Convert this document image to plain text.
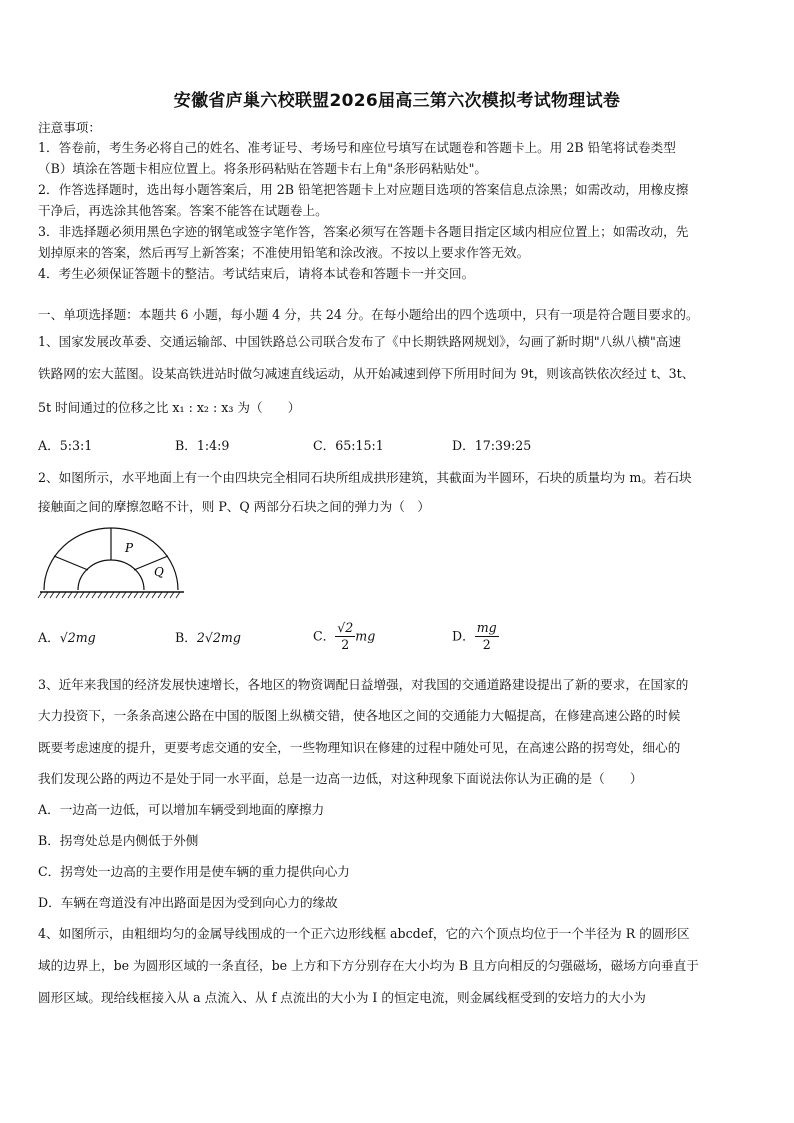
安徽省庐巢六校联盟2026届高三第六次模拟考试物理试卷
注意事项：
1．答卷前，考生务必将自己的姓名、准考证号、考场号和座位号填写在试题卷和答题卡上。用 2B 铅笔将试卷类型
（B）填涂在答题卡相应位置上。将条形码粘贴在答题卡右上角"条形码粘贴处"。
2．作答选择题时，选出每小题答案后，用 2B 铅笔把答题卡上对应题目选项的答案信息点涂黑；如需改动，用橡皮擦
干净后，再选涂其他答案。答案不能答在试题卷上。
3．非选择题必须用黑色字迹的钢笔或签字笔作答，答案必须写在答题卡各题目指定区域内相应位置上；如需改动，先
划掉原来的答案，然后再写上新答案；不准使用铅笔和涂改液。不按以上要求作答无效。
4．考生必须保证答题卡的整洁。考试结束后，请将本试卷和答题卡一并交回。
一、单项选择题：本题共 6 小题，每小题 4 分，共 24 分。在每小题给出的四个选项中，只有一项是符合题目要求的。
1、国家发展改革委、交通运输部、中国铁路总公司联合发布了《中长期铁路网规划》，勾画了新时期"八纵八横"高速
铁路网的宏大蓝图。设某高铁进站时做匀减速直线运动，从开始减速到停下所用时间为 9t，则该高铁依次经过 t、3t、
5t 时间通过的位移之比 x₁ : x₂ : x₃ 为（　　）
A．5:3:1	B．1:4:9	C．65:15:1	D．17:39:25
2、如图所示，水平地面上有一个由四块完全相同石块所组成拱形建筑，其截面为半圆环，石块的质量均为 m。若石块
接触面之间的摩擦忽略不计，则 P、Q 两部分石块之间的弹力为（　）
P
Q
A．√2mg	B．2√2mg	C． $\frac{√2}{2}$ mg	D． $\frac{mg}{2}$
3、近年来我国的经济发展快速增长，各地区的物资调配日益增强，对我国的交通道路建设提出了新的要求，在国家的
大力投资下，一条条高速公路在中国的版图上纵横交错，使各地区之间的交通能力大幅提高，在修建高速公路的时候
既要考虑速度的提升，更要考虑交通的安全，一些物理知识在修建的过程中随处可见，在高速公路的拐弯处，细心的
我们发现公路的两边不是处于同一水平面，总是一边高一边低，对这种现象下面说法你认为正确的是（　　）
A．一边高一边低，可以增加车辆受到地面的摩擦力
B．拐弯处总是内侧低于外侧
C．拐弯处一边高的主要作用是使车辆的重力提供向心力
D．车辆在弯道没有冲出路面是因为受到向心力的缘故
4、如图所示，由粗细均匀的金属导线围成的一个正六边形线框 abcdef，它的六个顶点均位于一个半径为 R 的圆形区
域的边界上，be 为圆形区域的一条直径，be 上方和下方分别存在大小均为 B 且方向相反的匀强磁场，磁场方向垂直于
圆形区域。现给线框接入从 a 点流入、从 f 点流出的大小为 I 的恒定电流，则金属线框受到的安培力的大小为
